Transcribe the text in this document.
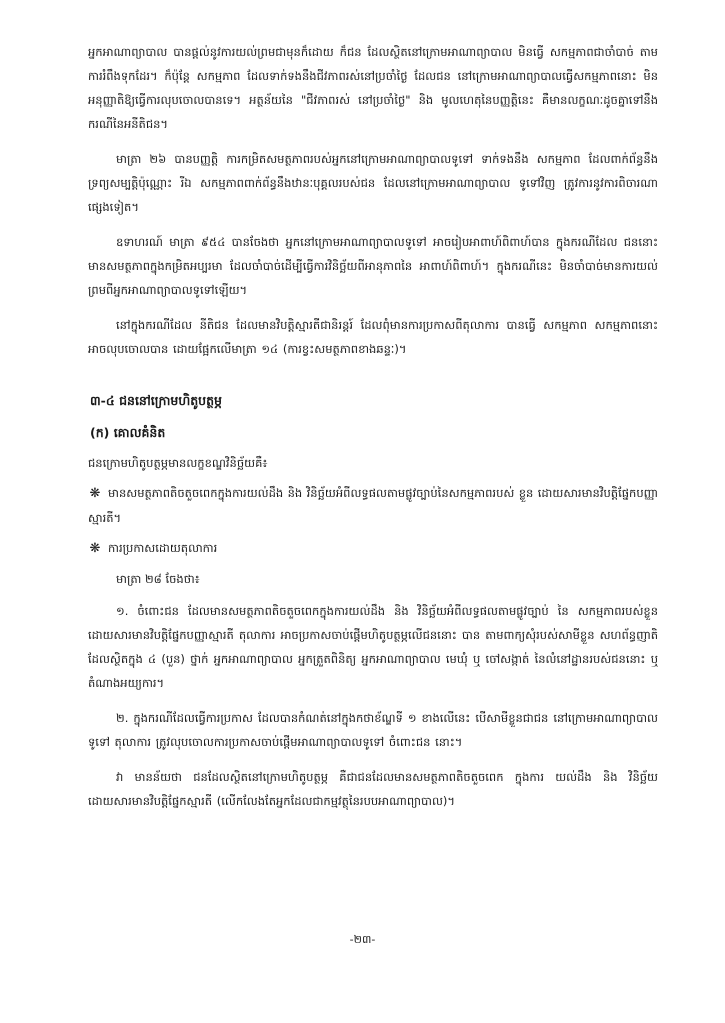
អ្នកអាណាព្យាបាល បានផ្ដល់នូវការយល់ព្រមជាមុនក៏ដោយ ក៏ជន ដែលស្ថិតនៅក្រោមអាណាព្យាបាល មិនធ្វើ សកម្មភាពជាចាំបាច់ តាមការរំពឹងទុកដែរ។ ក៏ប៉ុន្តែ សកម្មភាព ដែលទាក់ទងនឹងជីវភាពរស់នៅប្រចាំថ្ងៃ ដែលជន នៅក្រោមអាណាព្យាបាលធ្វើសកម្មភាពនោះ មិនអនុញ្ញាតិឱ្យធ្វើការលុបចោលបានទេ។ អត្ថន័យនៃ "ជីវភាពរស់ នៅប្រចាំថ្ងៃ" និង មូលហេតុនៃបញ្ញត្តិនេះ គឺមានលក្ខណៈដូចគ្នាទៅនឹងករណីនៃអនីតិជន។

មាត្រា ២៦ បានបញ្ញត្តិ ការកម្រិតសមត្ថភាពរបស់អ្នកនៅក្រោមអាណាព្យាបាលទូទៅ ទាក់ទងនឹង សកម្មភាព ដែលពាក់ព័ន្ធនឹងទ្រព្យសម្បត្តិប៉ុណ្ណោះ រីឯ សកម្មភាពពាក់ព័ន្ធនឹងឋានៈបុគ្គលរបស់ជន ដែលនៅក្រោមអាណាព្យាបាល ទូទៅវិញ ត្រូវការនូវការពិចារណាផ្សេងទៀត។

ឧទាហរណ៍ មាត្រា ៩៥៤ បានចែងថា អ្នកនៅក្រោមអាណាព្យាបាលទូទៅ អាចរៀបអាពាហ៍ពិពាហ៍បាន ក្នុងករណីដែល ជននោះ មានសមត្ថភាពក្នុងកម្រិតអប្បរមា ដែលចាំបាច់ដើម្បីធ្វើការវិនិច្ឆ័យពីអានុភាពនៃ អាពាហ៍ពិពាហ៍។ ក្នុងករណីនេះ មិនចាំបាច់មានការយល់ព្រមពីអ្នកអាណាព្យាបាលទូទៅឡើយ។

នៅក្នុងករណីដែល នីតិជន ដែលមានវិបត្តិស្មារតីជានិរន្តរ៍ ដែលពុំមានការប្រកាសពីតុលាការ បានធ្វើ សកម្មភាព សកម្មភាពនោះ អាចលុបចោលបាន ដោយផ្អែកលើមាត្រា ១៤ (ការខ្វះសមត្ថភាពខាងឆន្ទៈ)។

៣-៤ ជននៅក្រោមហិតូបត្ថម្ភ
(ក) គោលគំនិត
ជនក្រោមហិតូបត្ថម្ភមានលក្ខខណ្ឌវិនិច្ឆ័យគឺ៖
❋ មានសមត្ថភាពតិចតួចពេកក្នុងការយល់ដឹង និង វិនិច្ឆ័យអំពីលទ្ធផលតាមផ្លូវច្បាប់នៃសកម្មភាពរបស់ ខ្លួន ដោយសារមានវិបត្តិផ្នែកបញ្ញាស្មារតី។
❋ ការប្រកាសដោយតុលាការ
មាត្រា ២៨ ចែងថា៖

១. ចំពោះជន ដែលមានសមត្ថភាពតិចតួចពេកក្នុងការយល់ដឹង និង វិនិច្ឆ័យអំពីលទ្ធផលតាមផ្លូវច្បាប់ នៃ សកម្មភាពរបស់ខ្លួន ដោយសារមានវិបត្តិផ្នែកបញ្ញាស្មារតី តុលាការ អាចប្រកាសចាប់ផ្ដើមហិតូបត្ថម្ភលើជននោះ បាន តាមពាក្យសុំរបស់សាមីខ្លួន សហព័ន្ធញាតិ ដែលស្ថិតក្នុង ៤ (បួន) ថ្នាក់ អ្នកអាណាព្យាបាល អ្នកត្រួតពិនិត្យ អ្នកអាណាព្យាបាល មេឃុំ ឬ ចៅសង្កាត់ នៃលំនៅដ្ឋានរបស់ជននោះ ឬ តំណាងអយ្យការ។

២. ក្នុងករណីដែលធ្វើការប្រកាស ដែលបានកំណត់នៅក្នុងកថាខ័ណ្ឌទី ១ ខាងលើនេះ បើសាមីខ្លួនជាជន នៅក្រោមអាណាព្យាបាលទូទៅ តុលាការ ត្រូវលុបចោលការប្រកាសចាប់ផ្ដើមអាណាព្យាបាលទូទៅ ចំពោះជន នោះ។

វា មានន័យថា ជនដែលស្ថិតនៅក្រោមហិតូបត្ថម្ភ គឺជាជនដែលមានសមត្ថភាពតិចតួចពេក ក្នុងការ យល់ដឹង និង វិនិច្ឆ័យ ដោយសារមានវិបត្តិផ្នែកស្មារតី (លើកលែងតែអ្នកដែលជាកម្មវត្ថុនៃរបបអាណាព្យាបាល)។

-២៣-
